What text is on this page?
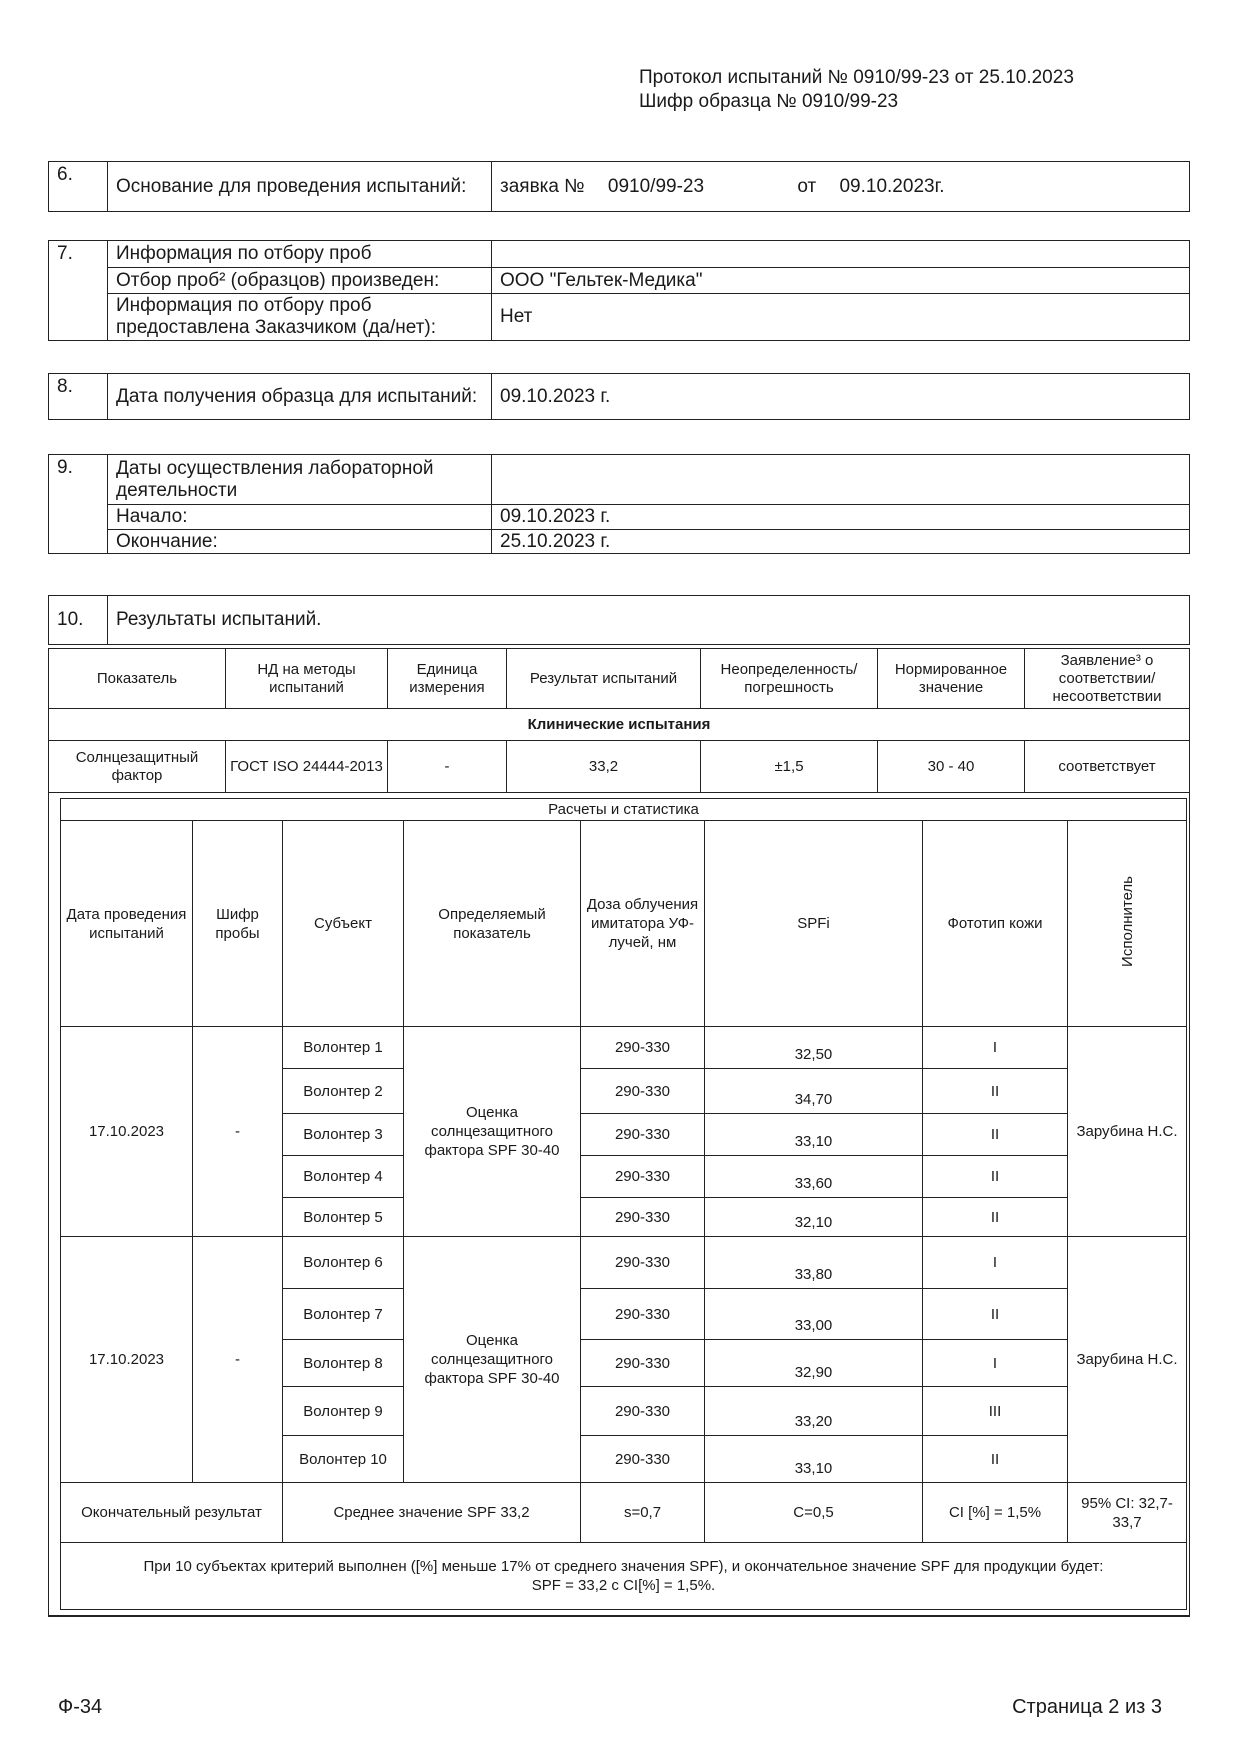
Протокол испытаний № 0910/99-23 от 25.10.2023
Шифр образца № 0910/99-23
6.	Основание для проведения испытаний:	заявка № 0910/99-23	от 09.10.2023г.
7.	Информация по отбору проб	
	Отбор проб² (образцов) произведен:	ООО "Гельтек-Медика"
	Информация по отбору проб предоставлена Заказчиком (да/нет):	Нет
8.	Дата получения образца для испытаний:	09.10.2023 г.
9.	Даты осуществления лабораторной деятельности	
	Начало:	09.10.2023 г.
	Окончание:	25.10.2023 г.
10.	Результаты испытаний.
Показатель	НД на методы испытаний	Единица измерения	Результат испытаний	Неопределенность/ погрешность	Нормированное значение	Заявление³ о соответствии/ несоответствии
Клинические испытания						
Солнцезащитный фактор	ГОСТ ISO 24444-2013	-	33,2	±1,5	30 - 40	соответствует
Расчеты и статистика							
Дата проведения испытаний	Шифр пробы	Субъект	Определяемый показатель	Доза облучения имитатора УФ-лучей, нм	SPFi	Фототип кожи	Исполнитель
17.10.2023	-	Волонтер 1	Оценка солнцезащитного фактора SPF 30-40	290-330	32,50	I	Зарубина Н.С.
		Волонтер 2		290-330	34,70	II	
		Волонтер 3		290-330	33,10	II	
		Волонтер 4		290-330	33,60	II	
		Волонтер 5		290-330	32,10	II	
17.10.2023	-	Волонтер 6	Оценка солнцезащитного фактора SPF 30-40	290-330	33,80	I	Зарубина Н.С.
		Волонтер 7		290-330	33,00	II	
		Волонтер 8		290-330	32,90	I	
		Волонтер 9		290-330	33,20	III	
		Волонтер 10		290-330	33,10	II	
Окончательный результат		Среднее значение SPF 33,2		s=0,7	C=0,5	CI [%] = 1,5%	95% CI: 32,7-33,7

При 10 субъектах критерий выполнен ([%] меньше 17% от среднего значения SPF), и окончательное значение SPF для продукции будет:
SPF = 33,2 с CI[%] = 1,5%.							
Ф-34	Страница 2 из 3
